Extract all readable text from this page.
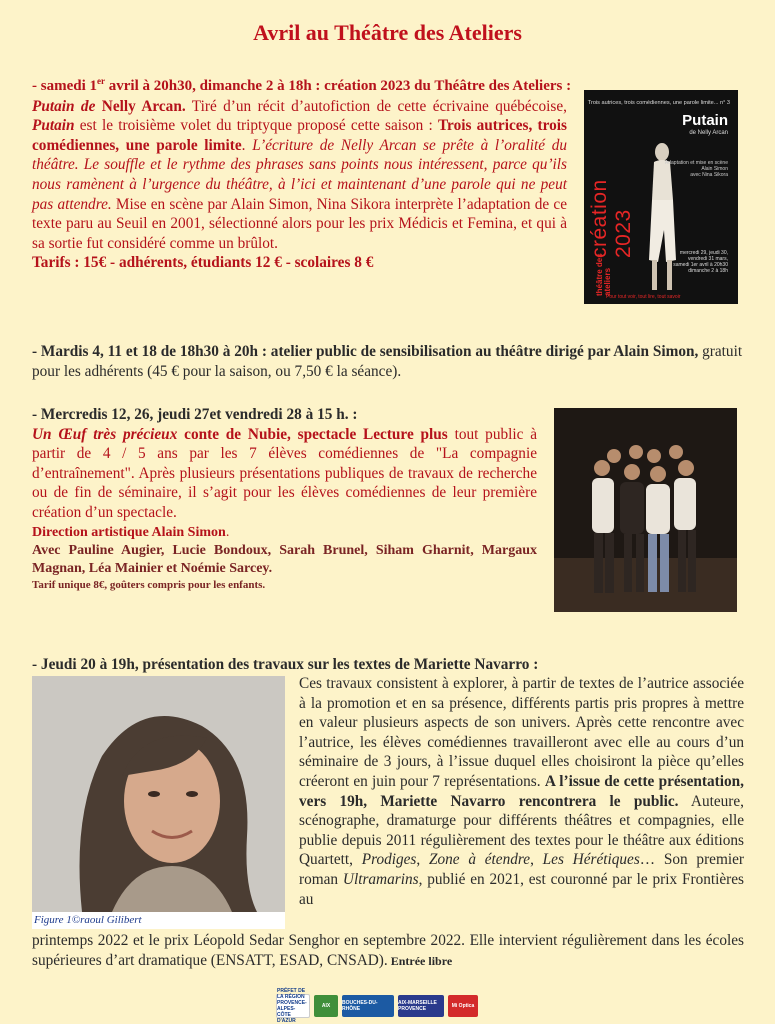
Avril au Théâtre des Ateliers
- samedi 1er avril à 20h30, dimanche 2 à 18h : création 2023 du Théâtre des Ateliers :
Putain de Nelly Arcan. Tiré d’un récit d’autofiction de cette écrivaine québécoise, Putain est le troisième volet du triptyque proposé cette saison : Trois autrices, trois comédiennes, une parole limite. L’écriture de Nelly Arcan se prête à l’oralité du théâtre. Le souffle et le rythme des phrases sans points nous intéressent, parce qu’ils nous ramènent à l’urgence du théâtre, à l’ici et maintenant d’une parole qui ne peut pas attendre. Mise en scène par Alain Simon, Nina Sikora interprète l’adaptation de ce texte paru au Seuil en 2001, sélectionné alors pour les prix Médicis et Femina, et qui à sa sortie fut considéré comme un brûlot.
Tarifs : 15€ - adhérents, étudiants 12 € - scolaires 8 €
Trois autrices, trois comédiennes, une parole limite... n° 3
Putain
de Nelly Arcan
Adaptation et mise en scène
Alain Simon
avec Nina Sikora
mercredi 29, jeudi 30,
vendredi 31 mars,
samedi 1er avril à 20h30
dimanche 2 à 18h
création 2023
théâtre des ateliers
Pour tout voir, tout lire, tout savoir
- Mardis 4, 11 et 18 de 18h30 à 20h : atelier public de sensibilisation au théâtre dirigé par Alain Simon, gratuit pour les adhérents (45 € pour la saison, ou 7,50 € la séance).
- Mercredis 12, 26, jeudi 27et vendredi 28 à 15 h. :
Un Œuf très précieux conte de Nubie, spectacle Lecture plus tout public à partir de 4 / 5 ans par les 7 élèves comédiennes de "La compagnie d’entraînement". Après plusieurs présentations publiques de travaux de recherche ou de fin de séminaire, il s’agit pour les élèves comédiennes de leur première création d’un spectacle.
Direction artistique Alain Simon.
Avec Pauline Augier, Lucie Bondoux, Sarah Brunel, Siham Gharnit, Margaux Magnan, Léa Mainier et Noémie Sarcey.
Tarif unique 8€, goûters compris pour les enfants.
- Jeudi 20 à 19h, présentation des travaux sur les textes de Mariette Navarro :
Figure 1©raoul Gilibert
Ces travaux consistent à explorer, à partir de textes de l’autrice associée à la promotion et en sa présence, différents partis pris propres à mettre en valeur plusieurs aspects de son univers. Après cette rencontre avec l’autrice, les élèves comédiennes travailleront avec elle au cours d’un séminaire de 3 jours, à l’issue duquel elles choisiront la pièce qu’elles créeront en juin pour 7 représentations. A l’issue de cette présentation, vers 19h, Mariette Navarro rencontrera le public. Auteure, scénographe, dramaturge pour différents théâtres et compagnies, elle publie depuis 2011 régulièrement des textes pour le théâtre aux éditions Quartett, Prodiges, Zone à étendre, Les Hérétiques… Son premier roman Ultramarins, publié en 2021, est couronné par le prix Frontières au
printemps 2022 et le prix Léopold Sedar Senghor en septembre 2022. Elle intervient régulièrement dans les écoles supérieures d’art dramatique (ENSATT, ESAD, CNSAD). Entrée libre
PRÉFET DE LA RÉGION PROVENCE-ALPES-CÔTE D'AZUR
AIX	BOUCHES-DU-RHÔNE
AIX-MARSEILLE PROVENCE	Mi Optica
